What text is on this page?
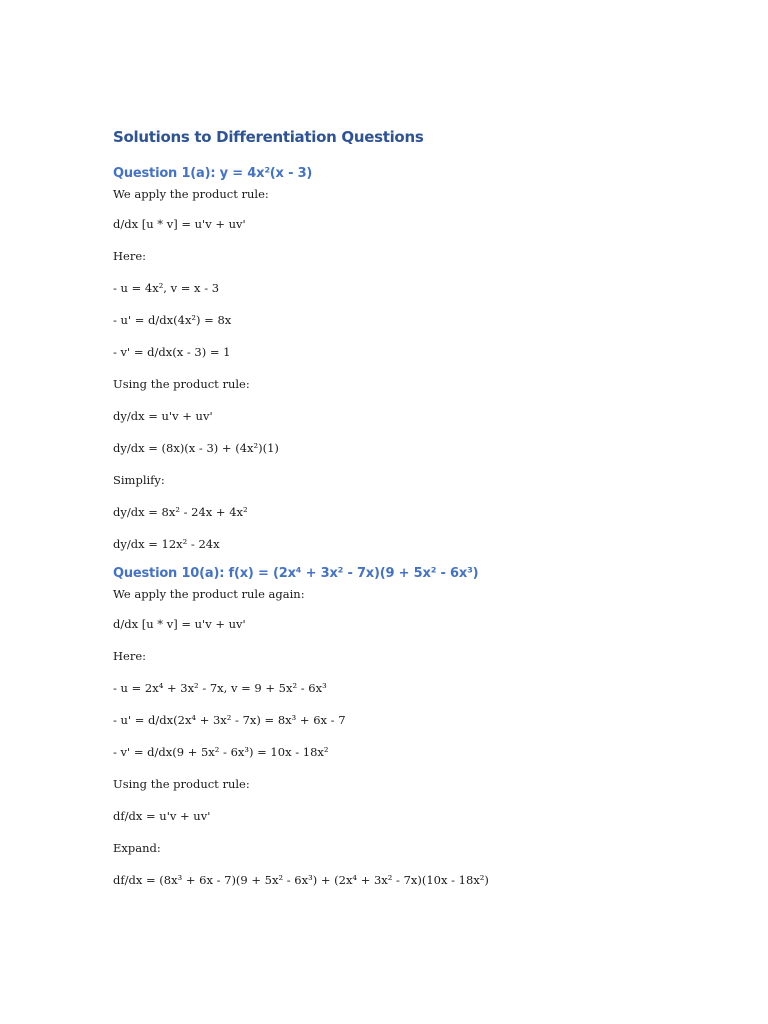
Solutions to Differentiation Questions
Question 1(a): y = 4x²(x - 3)

We apply the product rule:

d/dx [u * v] = u'v + uv'

Here:

- u = 4x², v = x - 3

- u' = d/dx(4x²) = 8x

- v' = d/dx(x - 3) = 1

Using the product rule:

dy/dx = u'v + uv'

dy/dx = (8x)(x - 3) + (4x²)(1)

Simplify:

dy/dx = 8x² - 24x + 4x²

dy/dx = 12x² - 24x

Question 10(a): f(x) = (2x⁴ + 3x² - 7x)(9 + 5x² - 6x³)

We apply the product rule again:

d/dx [u * v] = u'v + uv'

Here:

- u = 2x⁴ + 3x² - 7x, v = 9 + 5x² - 6x³

- u' = d/dx(2x⁴ + 3x² - 7x) = 8x³ + 6x - 7

- v' = d/dx(9 + 5x² - 6x³) = 10x - 18x²

Using the product rule:

df/dx = u'v + uv'

Expand:

df/dx = (8x³ + 6x - 7)(9 + 5x² - 6x³) + (2x⁴ + 3x² - 7x)(10x - 18x²)
